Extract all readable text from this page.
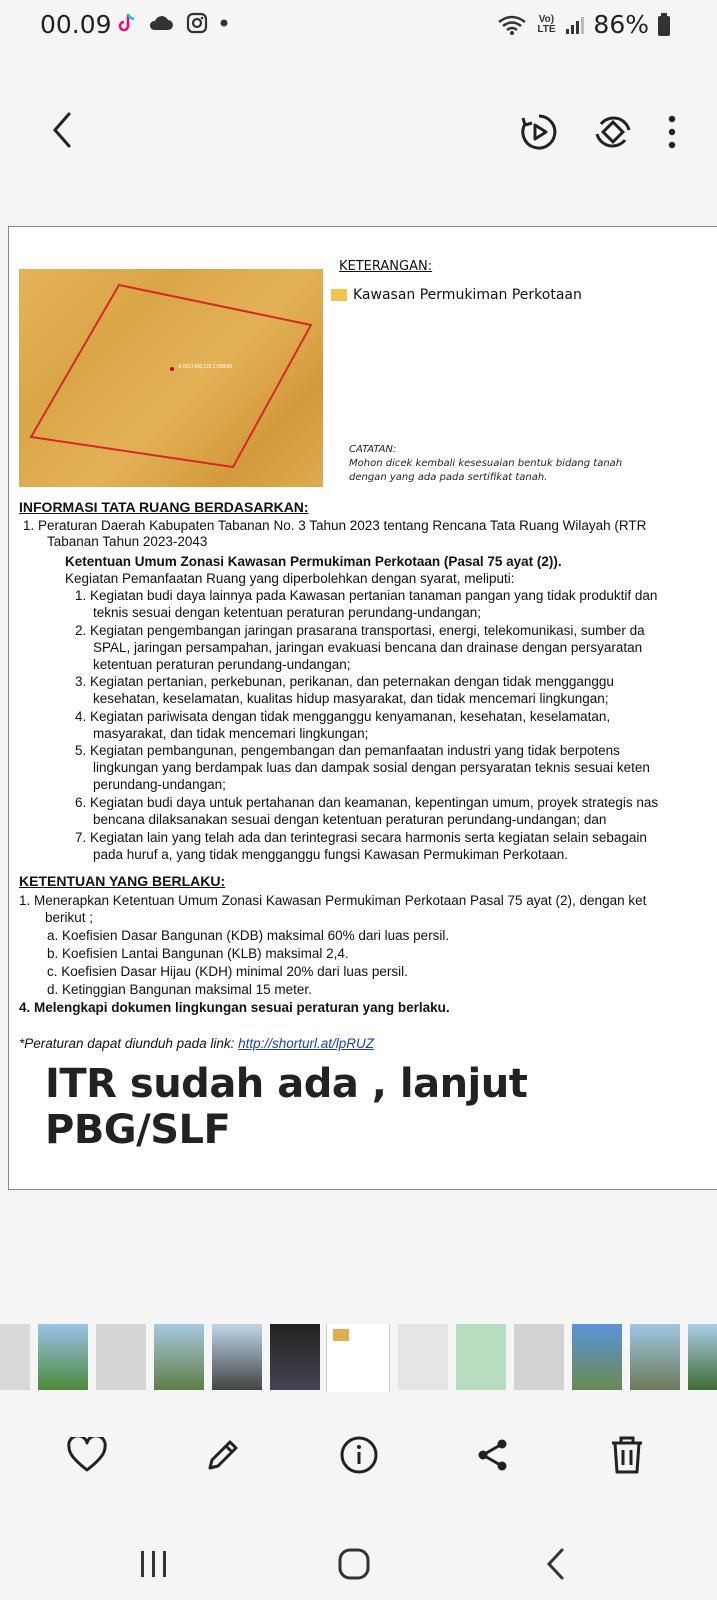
00.09	Vo) LTE 86%
-8.5311468,115.1768696
KETERANGAN:
Kawasan Permukiman Perkotaan
CATATAN:
Mohon dicek kembali kesesuaian bentuk bidang tanah
dengan yang ada pada sertifikat tanah.
INFORMASI TATA RUANG BERDASARKAN:
1. Peraturan Daerah Kabupaten Tabanan No. 3 Tahun 2023 tentang Rencana Tata Ruang Wilayah (RTR
Tabanan Tahun 2023-2043
Ketentuan Umum Zonasi Kawasan Permukiman Perkotaan (Pasal 75 ayat (2)).
Kegiatan Pemanfaatan Ruang yang diperbolehkan dengan syarat, meliputi:
1. Kegiatan budi daya lainnya pada Kawasan pertanian tanaman pangan yang tidak produktif dan
teknis sesuai dengan ketentuan peraturan perundang-undangan;
2. Kegiatan pengembangan jaringan prasarana transportasi, energi, telekomunikasi, sumber da
SPAL, jaringan persampahan, jaringan evakuasi bencana dan drainase dengan persyaratan
ketentuan peraturan perundang-undangan;
3. Kegiatan pertanian, perkebunan, perikanan, dan peternakan dengan tidak mengganggu
kesehatan, keselamatan, kualitas hidup masyarakat, dan tidak mencemari lingkungan;
4. Kegiatan pariwisata dengan tidak mengganggu kenyamanan, kesehatan, keselamatan,
masyarakat, dan tidak mencemari lingkungan;
5. Kegiatan pembangunan, pengembangan dan pemanfaatan industri yang tidak berpotens
lingkungan yang berdampak luas dan dampak sosial dengan persyaratan teknis sesuai keten
perundang-undangan;
6. Kegiatan budi daya untuk pertahanan dan keamanan, kepentingan umum, proyek strategis nas
bencana dilaksanakan sesuai dengan ketentuan peraturan perundang-undangan; dan
7. Kegiatan lain yang telah ada dan terintegrasi secara harmonis serta kegiatan selain sebagain
pada huruf a, yang tidak mengganggu fungsi Kawasan Permukiman Perkotaan.
KETENTUAN YANG BERLAKU:
1. Menerapkan Ketentuan Umum Zonasi Kawasan Permukiman Perkotaan Pasal 75 ayat (2), dengan ket
berikut ;
a. Koefisien Dasar Bangunan (KDB) maksimal 60% dari luas persil.
b. Koefisien Lantai Bangunan (KLB) maksimal 2,4.
c. Koefisien Dasar Hijau (KDH) minimal 20% dari luas persil.
d. Ketinggian Bangunan maksimal 15 meter.
4. Melengkapi dokumen lingkungan sesuai peraturan yang berlaku.
*Peraturan dapat diunduh pada link: http://shorturl.at/lpRUZ
ITR sudah ada , lanjut PBG/SLF
